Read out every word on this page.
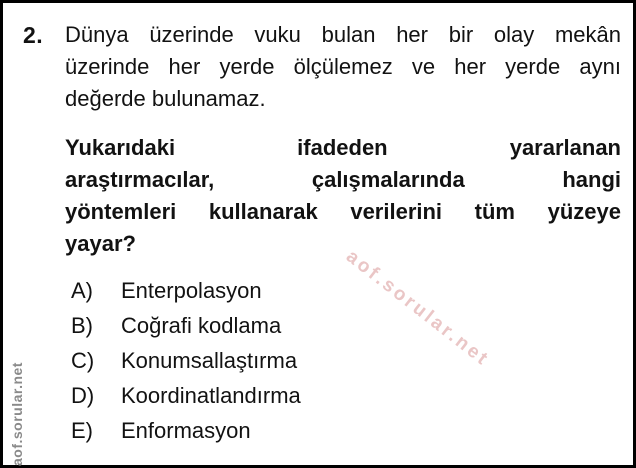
2. Dünya üzerinde vuku bulan her bir olay mekân
üzerinde her yerde ölçülemez ve her yerde aynı
değerde bulunamaz.
Yukarıdaki	ifadeden	yararlanan
araştırmacılar,	çalışmalarında	hangi
yöntemleri kullanarak verilerini tüm yüzeye
yayar?
A)	Enterpolasyon
B)	Coğrafi kodlama
C)	Konumsallaştırma
D)	Koordinatlandırma
E)	Enformasyon
aof.sorular.net
aof.sorular.net
